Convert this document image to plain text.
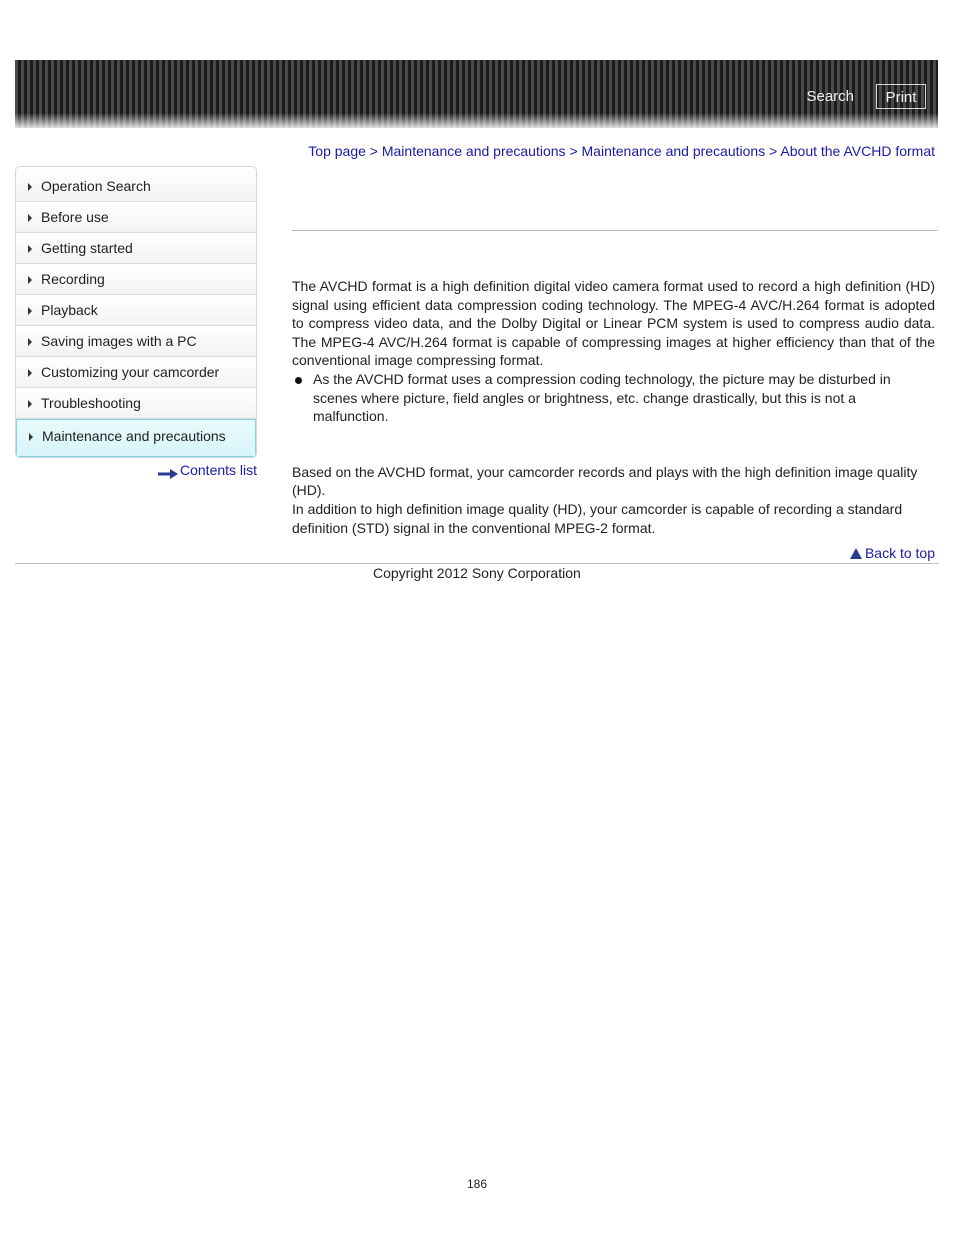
Search	Print
Top page > Maintenance and precautions > Maintenance and precautions > About the AVCHD format
Operation Search
Before use
Getting started
Recording
Playback
Saving images with a PC
Customizing your camcorder
Troubleshooting
Maintenance and precautions
Contents list

The AVCHD format is a high definition digital video camera format used to record a high definition (HD) signal using efficient data compression coding technology. The MPEG-4 AVC/H.264 format is adopted to compress video data, and the Dolby Digital or Linear PCM system is used to compress audio data. The MPEG-4 AVC/H.264 format is capable of compressing images at higher efficiency than that of the conventional image compressing format.

As the AVCHD format uses a compression coding technology, the picture may be disturbed in scenes where picture, field angles or brightness, etc. change drastically, but this is not a malfunction.

Based on the AVCHD format, your camcorder records and plays with the high definition image quality (HD).
In addition to high definition image quality (HD), your camcorder is capable of recording a standard definition (STD) signal in the conventional MPEG-2 format.

Back to top
Copyright 2012 Sony Corporation
186
